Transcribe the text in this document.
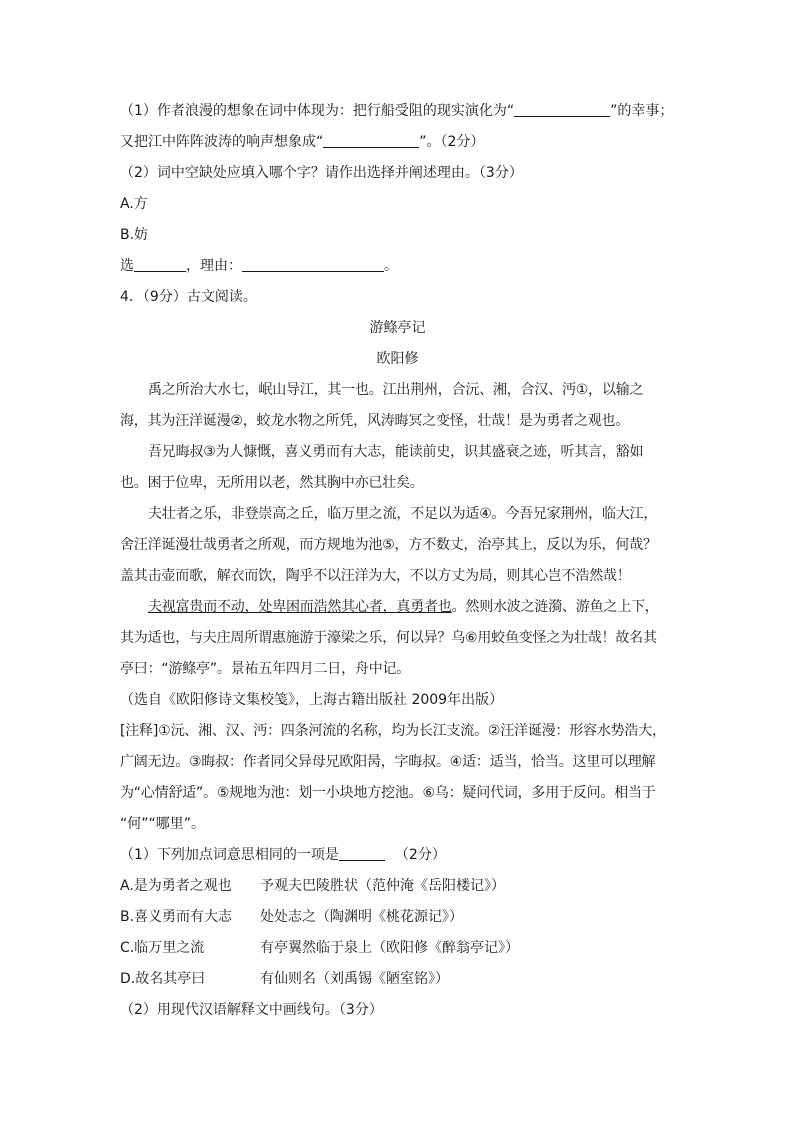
（1）作者浪漫的想象在词中体现为：把行船受阻的现实演化为“	”的幸事；
又把江中阵阵波涛的响声想象成“	”。（2分）
（2）词中空缺处应填入哪个字？请作出选择并阐述理由。（3分）
A.方
B.妨
选	，理由：	。
4．（9分）古文阅读。
游鲦亭记
欧阳修
禹之所治大水七，岷山导江，其一也。江出荆州，合沅、湘，合汉、沔①，以输之
海，其为汪洋诞漫②，蛟龙水物之所凭，风涛晦冥之变怪，壮哉！是为勇者之观也。
吾兄晦叔③为人慷慨，喜义勇而有大志，能读前史，识其盛衰之迹，听其言，豁如
也。困于位卑，无所用以老，然其胸中亦已壮矣。
夫壮者之乐，非登崇高之丘，临万里之流，不足以为适④。今吾兄家荆州，临大江，
舍汪洋诞漫壮哉勇者之所观，而方规地为池⑤，方不数丈，治亭其上，反以为乐，何哉？
盖其击壶而歌，解衣而饮，陶乎不以汪洋为大，不以方丈为局，则其心岂不浩然哉！
夫视富贵而不动，处卑困而浩然其心者，真勇者也。然则水波之涟漪、游鱼之上下，
其为适也，与夫庄周所谓惠施游于濠梁之乐，何以异？乌⑥用蛟鱼变怪之为壮哉！故名其
亭曰：“游鲦亭”。景祐五年四月二日，舟中记。
（选自《欧阳修诗文集校笺》，上海古籍出版社 2009年出版）
[注释]①沅、湘、汉、沔：四条河流的名称，均为长江支流。②汪洋诞漫：形容水势浩大，
广阔无边。③晦叔：作者同父异母兄欧阳昺，字晦叔。④适：适当，恰当。这里可以理解
为“心情舒适”。⑤规地为池：划一小块地方挖池。⑥乌：疑问代词，多用于反问。相当于
“何”“哪里”。
（1）下列加点词意思相同的一项是	（2分）
A.是为勇者之观也 予观夫巴陵胜状（范仲淹《岳阳楼记》）
B.喜义勇而有大志 处处志之（陶渊明《桃花源记》）
C.临万里之流	有亭翼然临于泉上（欧阳修《醉翁亭记》）
D.故名其亭曰	有仙则名（刘禹锡《陋室铭》）
（2）用现代汉语解释文中画线句。（3分）
